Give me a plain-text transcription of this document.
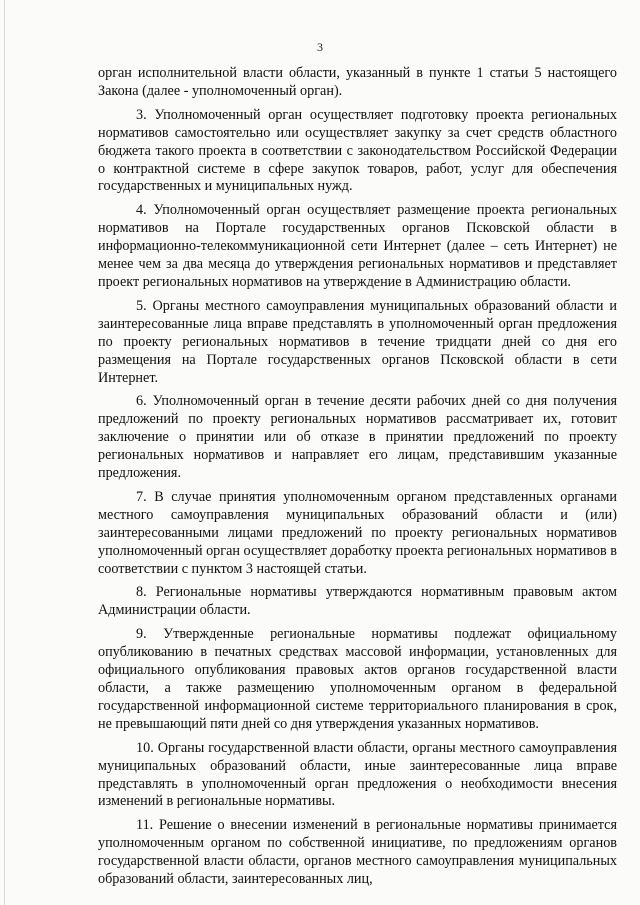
3

орган исполнительной власти области, указанный в пункте 1 статьи 5 настоящего Закона (далее - уполномоченный орган).

3. Уполномоченный орган осуществляет подготовку проекта региональных нормативов самостоятельно или осуществляет закупку за счет средств областного бюджета такого проекта в соответствии с законодательством Российской Федерации о контрактной системе в сфере закупок товаров, работ, услуг для обеспечения государственных и муниципальных нужд.

4. Уполномоченный орган осуществляет размещение проекта региональных нормативов на Портале государственных органов Псковской области в информационно-телекоммуникационной сети Интернет (далее – сеть Интернет) не менее чем за два месяца до утверждения региональных нормативов и представляет проект региональных нормативов на утверждение в Администрацию области.

5. Органы местного самоуправления муниципальных образований области и заинтересованные лица вправе представлять в уполномоченный орган предложения по проекту региональных нормативов в течение тридцати дней со дня его размещения на Портале государственных органов Псковской области в сети Интернет.

6. Уполномоченный орган в течение десяти рабочих дней со дня получения предложений по проекту региональных нормативов рассматривает их, готовит заключение о принятии или об отказе в принятии предложений по проекту региональных нормативов и направляет его лицам, представившим указанные предложения.

7. В случае принятия уполномоченным органом представленных органами местного самоуправления муниципальных образований области и (или) заинтересованными лицами предложений по проекту региональных нормативов уполномоченный орган осуществляет доработку проекта региональных нормативов в соответствии с пунктом 3 настоящей статьи.

8. Региональные нормативы утверждаются нормативным правовым актом Администрации области.

9. Утвержденные региональные нормативы подлежат официальному опубликованию в печатных средствах массовой информации, установленных для официального опубликования правовых актов органов государственной власти области, а также размещению уполномоченным органом в федеральной государственной информационной системе территориального планирования в срок, не превышающий пяти дней со дня утверждения указанных нормативов.

10. Органы государственной власти области, органы местного самоуправления муниципальных образований области, иные заинтересованные лица вправе представлять в уполномоченный орган предложения о необходимости внесения изменений в региональные нормативы.

11. Решение о внесении изменений в региональные нормативы принимается уполномоченным органом по собственной инициативе, по предложениям органов государственной власти области, органов местного самоуправления муниципальных образований области, заинтересованных лиц,
